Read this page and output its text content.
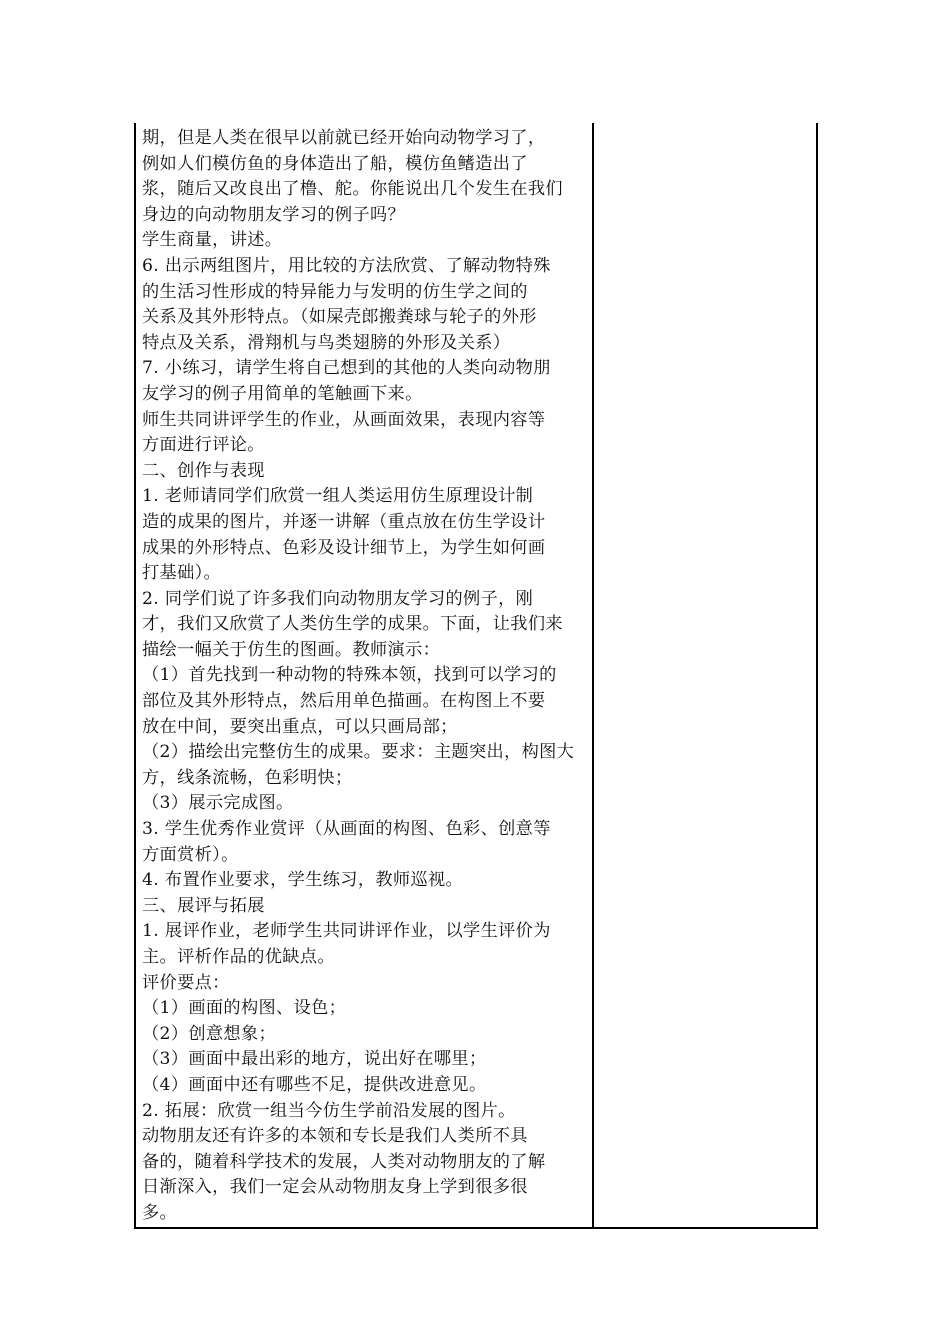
期，但是人类在很早以前就已经开始向动物学习了，
例如人们模仿鱼的身体造出了船，模仿鱼鳍造出了
浆，随后又改良出了橹、舵。你能说出几个发生在我们
身边的向动物朋友学习的例子吗？
学生商量，讲述。
6. 出示两组图片，用比较的方法欣赏、了解动物特殊
的生活习性形成的特异能力与发明的仿生学之间的
关系及其外形特点。（如屎壳郎搬粪球与轮子的外形
特点及关系，滑翔机与鸟类翅膀的外形及关系）
7. 小练习，请学生将自己想到的其他的人类向动物朋
友学习的例子用简单的笔触画下来。
师生共同讲评学生的作业，从画面效果，表现内容等
方面进行评论。
二、创作与表现
1. 老师请同学们欣赏一组人类运用仿生原理设计制
造的成果的图片，并逐一讲解（重点放在仿生学设计
成果的外形特点、色彩及设计细节上，为学生如何画
打基础）。
2. 同学们说了许多我们向动物朋友学习的例子，刚
才，我们又欣赏了人类仿生学的成果。下面，让我们来
描绘一幅关于仿生的图画。教师演示：
（1）首先找到一种动物的特殊本领，找到可以学习的
部位及其外形特点，然后用单色描画。在构图上不要
放在中间，要突出重点，可以只画局部；
（2）描绘出完整仿生的成果。要求：主题突出，构图大
方，线条流畅，色彩明快；
（3）展示完成图。
3. 学生优秀作业赏评（从画面的构图、色彩、创意等
方面赏析）。
4. 布置作业要求，学生练习，教师巡视。
三、展评与拓展
1. 展评作业，老师学生共同讲评作业，以学生评价为
主。评析作品的优缺点。
评价要点：
（1）画面的构图、设色；
（2）创意想象；
（3）画面中最出彩的地方，说出好在哪里；
（4）画面中还有哪些不足，提供改进意见。
2. 拓展：欣赏一组当今仿生学前沿发展的图片。
动物朋友还有许多的本领和专长是我们人类所不具
备的，随着科学技术的发展，人类对动物朋友的了解
日渐深入，我们一定会从动物朋友身上学到很多很
多。
